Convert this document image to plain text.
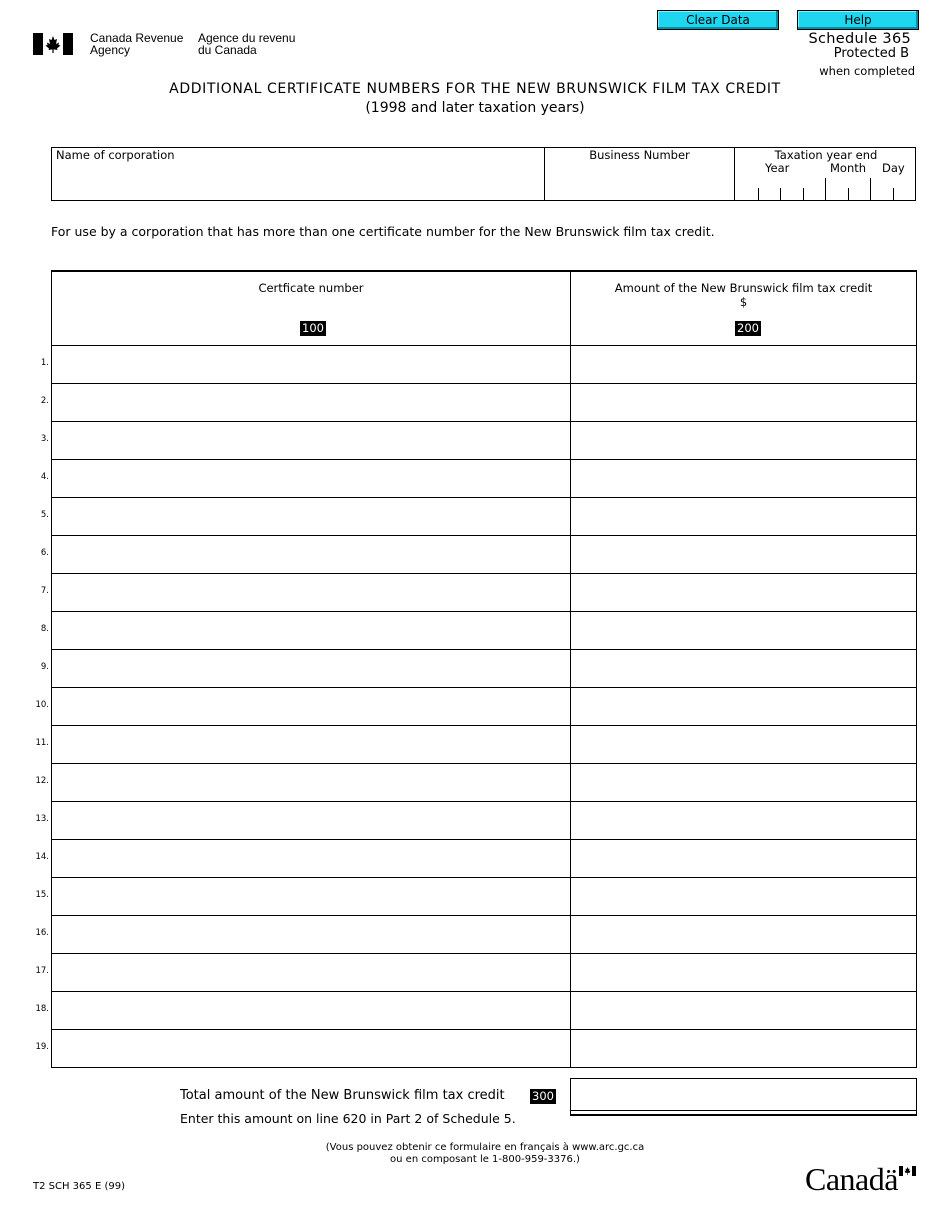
Clear Data	Help
Canada Revenue
Agency
Agence du revenu
du Canada
Schedule 365
Protected B
when completed
ADDITIONAL CERTIFICATE NUMBERS FOR THE NEW BRUNSWICK FILM TAX CREDIT
(1998 and later taxation years)
Name of corporation	Business Number	Taxation year end
Year	Month Day
For use by a corporation that has more than one certificate number for the New Brunswick film tax credit.
Certficate number	Amount of the New Brunswick film tax credit
$
100	200
1.
2.
3.
4.
5.
6.
7.
8.
9.
10.
11.
12.
13.
14.
15.
16.
17.
18.
19.
Total amount of the New Brunswick film tax credit 300
Enter this amount on line 620 in Part 2 of Schedule 5.
(Vous pouvez obtenir ce formulaire en français à www.arc.gc.ca
ou en composant le 1-800-959-3376.)
T2 SCH 365 E (99)	Canadä
